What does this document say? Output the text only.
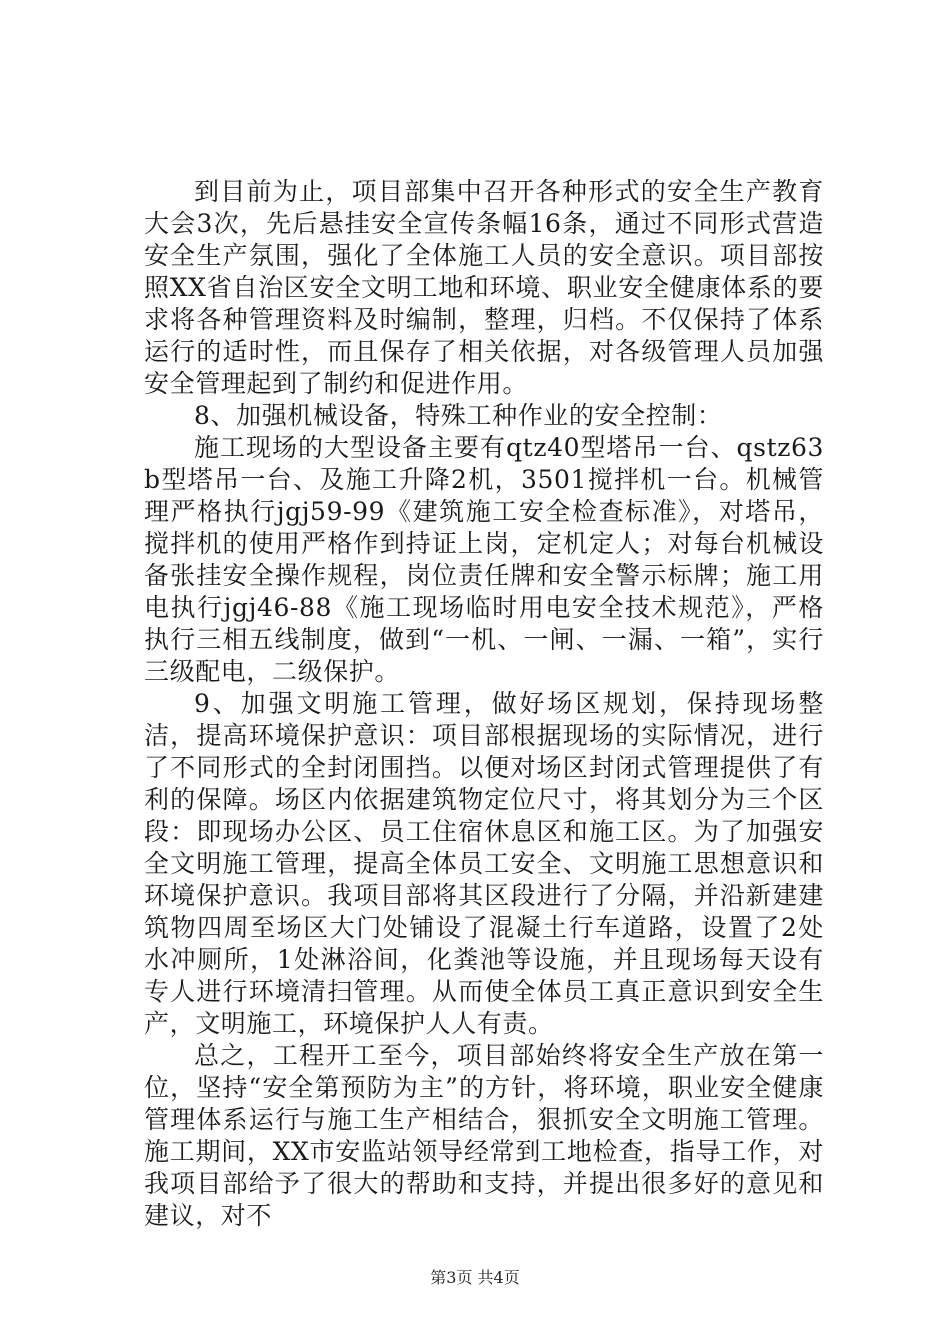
到目前为止，项目部集中召开各种形式的安全生产教育大会3次，先后悬挂安全宣传条幅16条，通过不同形式营造安全生产氛围，强化了全体施工人员的安全意识。项目部按照XX省自治区安全文明工地和环境、职业安全健康体系的要求将各种管理资料及时编制，整理，归档。不仅保持了体系运行的适时性，而且保存了相关依据，对各级管理人员加强安全管理起到了制约和促进作用。

8、加强机械设备，特殊工种作业的安全控制：

施工现场的大型设备主要有qtz40型塔吊一台、qstz63b型塔吊一台、及施工升降2机，3501搅拌机一台。机械管理严格执行jgj59-99《建筑施工安全检查标准》，对塔吊，搅拌机的使用严格作到持证上岗，定机定人；对每台机械设备张挂安全操作规程，岗位责任牌和安全警示标牌；施工用电执行jgj46-88《施工现场临时用电安全技术规范》，严格执行三相五线制度，做到“一机、一闸、一漏、一箱”，实行三级配电，二级保护。

9、加强文明施工管理，做好场区规划，保持现场整洁，提高环境保护意识：项目部根据现场的实际情况，进行了不同形式的全封闭围挡。以便对场区封闭式管理提供了有利的保障。场区内依据建筑物定位尺寸，将其划分为三个区段：即现场办公区、员工住宿休息区和施工区。为了加强安全文明施工管理，提高全体员工安全、文明施工思想意识和环境保护意识。我项目部将其区段进行了分隔，并沿新建建筑物四周至场区大门处铺设了混凝土行车道路，设置了2处水冲厕所，1处淋浴间，化粪池等设施，并且现场每天设有专人进行环境清扫管理。从而使全体员工真正意识到安全生产，文明施工，环境保护人人有责。

总之，工程开工至今，项目部始终将安全生产放在第一位，坚持“安全第预防为主”的方针，将环境，职业安全健康管理体系运行与施工生产相结合，狠抓安全文明施工管理。施工期间，XX市安监站领导经常到工地检查，指导工作，对我项目部给予了很大的帮助和支持，并提出很多好的意见和建议，对不

第3页 共4页
